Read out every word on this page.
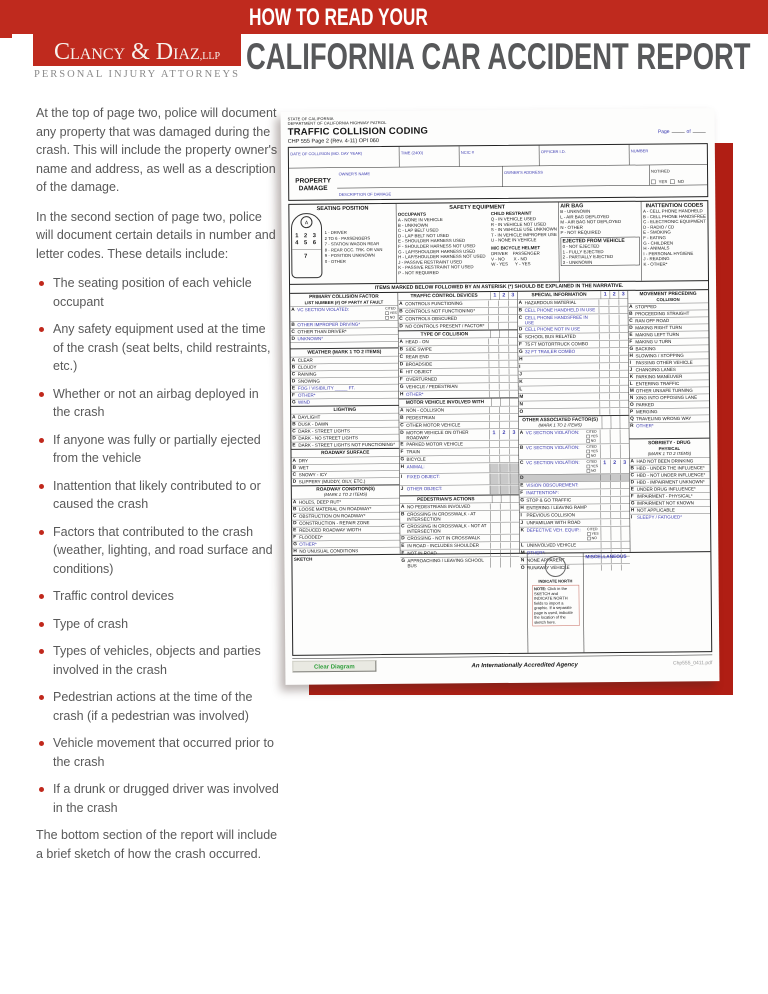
C LANCY & D IAZ ,LLP
PERSONAL INJURY ATTORNEYS
HOW TO READ YOUR
CALIFORNIA CAR ACCIDENT REPORT

At the top of page two, police will document any property that was damaged during the crash. This will include the property owner's name and address, as well as a description of the damage.

In the second section of page two, police will document certain details in number and letter codes. These details include:

The seating position of each vehicle occupant
Any safety equipment used at the time of the crash (seat belts, child restraints, etc.)
Whether or not an airbag deployed in the crash
If anyone was fully or partially ejected from the vehicle
Inattention that likely contributed to or caused the crash
Factors that contributed to the crash (weather, lighting, and road surface and conditions)
Traffic control devices
Type of crash
Types of vehicles, objects and parties involved in the crash
Pedestrian actions at the time of the crash (if a pedestrian was involved)
Vehicle movement that occurred prior to the crash
If a drunk or drugged driver was involved in the crash

The bottom section of the report will include a brief sketch of how the crash occurred.

STATE OF CALIFORNIA
DEPARTMENT OF CALIFORNIA HIGHWAY PATROL
TRAFFIC COLLISION CODING
CHP 555 Page 2 (Rev. 4-11) OPI 060
Page of
DATE OF COLLISION (MO. DAY YEAR)	TIME (2400)	NCIC #	OFFICER I.D.	NUMBER
PROPERTY DAMAGE
OWNER'S NAME	OWNER'S ADDRESS	NOTIFIED
YES NO
DESCRIPTION OF DAMAGE
SEATING POSITION
A
1 2 3
4 5 6
7
1 - DRIVER
2 TO 6 - PASSENGERS
7 - STATION WAGON REAR
8 - REAR OCC. TRK. OR VAN
9 - POSITION UNKNOWN
0 - OTHER
SAFETY EQUIPMENT
OCCUPANTS
A - NONE IN VEHICLE
B - UNKNOWN
C - LAP BELT USED
D - LAP BELT NOT USED
E - SHOULDER HARNESS USED
F - SHOULDER HARNESS NOT USED
G - LAP/SHOULDER HARNESS USED
H - LAP/SHOULDER HARNESS NOT USED
J - PASSIVE RESTRAINT USED
K - PASSIVE RESTRAINT NOT USED
P - NOT REQUIRED
CHILD RESTRAINT
Q - IN VEHICLE USED
R - IN VEHICLE NOT USED
S - IN VEHICLE USE UNKNOWN
T - IN VEHICLE IMPROPER USE
U - NONE IN VEHICLE
M/C BICYCLE HELMET
DRIVER PASSENGER
V - NO X - NO
W - YES Y - YES
AIR BAG
B - UNKNOWN
L - AIR BAG DEPLOYED
M - AIR BAG NOT DEPLOYED
N - OTHER
P - NOT REQUIRED
EJECTED FROM VEHICLE
0 - NOT EJECTED
1 - FULLY EJECTED
2 - PARTIALLY EJECTED
3 - UNKNOWN
INATTENTION CODES
A - CELL PHONE HANDHELD
B - CELL PHONE HANDSFREE
C - ELECTRONIC EQUIPMENT
D - RADIO / CD
E - SMOKING
F - EATING
G - CHILDREN
H - ANIMALS
I - PERSONAL HYGIENE
J - READING
K - OTHER*
ITEMS MARKED BELOW FOLLOWED BY AN ASTERISK (*) SHOULD BE EXPLAINED IN THE NARRATIVE.
PRIMARY COLLISION FACTOR
LIST NUMBER (#) OF PARTY AT FAULT
A VC SECTION VIOLATED:	CITED
YES
NO
B OTHER IMPROPER DRIVING*
C OTHER THAN DRIVER*
D UNKNOWN*
WEATHER (MARK 1 TO 2 ITEMS)
A CLEAR
B CLOUDY
C RAINING
D SNOWING
E FOG / VISIBILITY _____ FT.
F OTHER*
G WIND
LIGHTING
A DAYLIGHT
B DUSK - DAWN
C DARK - STREET LIGHTS
D DARK - NO STREET LIGHTS
E DARK - STREET LIGHTS NOT FUNCTIONING*
ROADWAY SURFACE
A DRY
B WET
C SNOWY - ICY
D SLIPPERY (MUDDY, OILY, ETC.)
ROADWAY CONDITION(S)
(MARK 1 TO 2 ITEMS)
A HOLES, DEEP RUT*
B LOOSE MATERIAL ON ROADWAY*
C OBSTRUCTION ON ROADWAY*
D CONSTRUCTION - REPAIR ZONE
E REDUCED ROADWAY WIDTH
F FLOODED*
G OTHER*
H NO UNUSUAL CONDITIONS
TRAFFIC CONTROL DEVICES	1 2 3
A CONTROLS FUNCTIONING
B CONTROLS NOT FUNCTIONING*
C CONTROLS OBSCURED
D NO CONTROLS PRESENT / FACTOR*
TYPE OF COLLISION
A HEAD - ON
B SIDE SWIPE
C REAR END
D BROADSIDE
E HIT OBJECT
F OVERTURNED
G VEHICLE / PEDESTRIAN
H OTHER*
MOTOR VEHICLE INVOLVED WITH
A NON - COLLISION
B PEDESTRIAN
C OTHER MOTOR VEHICLE
D MOTOR VEHICLE ON OTHER ROADWAY
1 2 3
E PARKED MOTOR VEHICLE
F TRAIN
G BICYCLE
H ANIMAL:
I FIXED OBJECT:
J OTHER OBJECT:
PEDESTRIAN'S ACTIONS
A NO PEDESTRIANS INVOLVED
B CROSSING IN CROSSWALK - AT INTERSECTION
C CROSSING IN CROSSWALK - NOT AT INTERSECTION
D CROSSING - NOT IN CROSSWALK
E IN ROAD - INCLUDES SHOULDER
F NOT IN ROAD
G APPROACHING / LEAVING SCHOOL BUS
SPECIAL INFORMATION	1 2 3
A HAZARDOUS MATERIAL
B CELL PHONE HANDHELD IN USE
C CELL PHONE HANDSFREE IN USE
D CELL PHONE NOT IN USE
E SCHOOL BUS RELATED
F 75 FT MOTORTRUCK COMBO
G 32 FT TRAILER COMBO
H
I
J
K
L
M
N
O
OTHER ASSOCIATED FACTOR(S)
(MARK 1 TO 2 ITEMS)
A VC SECTION VIOLATION: CITED
YES
NO
B VC SECTION VIOLATION: CITED
YES
NO
C VC SECTION VIOLATION: CITED
YES
NO
1 2 3
D
E VISION OBSCUREMENT:
F INATTENTION*:
G STOP & GO TRAFFIC
H ENTERING / LEAVING RAMP
I PREVIOUS COLLISION
J UNFAMILIAR WITH ROAD
K DEFECTIVE VEH. EQUIP.: CITED
YES
NO
L UNINVOLVED VEHICLE
M OTHER*:
N NONE APPARENT
O RUNAWAY VEHICLE
MOVEMENT PRECEDING
COLLISION
A STOPPED
B PROCEEDING STRAIGHT
C RAN OFF ROAD
D MAKING RIGHT TURN
E MAKING LEFT TURN
F MAKING U TURN
G BACKING
H SLOWING / STOPPING
I PASSING OTHER VEHICLE
J CHANGING LANES
K PARKING MANEUVER
L ENTERING TRAFFIC
M OTHER UNSAFE TURNING
N XING INTO OPPOSING LANE
O PARKED
P MERGING
Q TRAVELING WRONG WAY
R OTHER*
SOBRIETY - DRUG
PHYSICAL
(MARK 1 TO 2 ITEMS)
A HAD NOT BEEN DRINKING
B HBD - UNDER THE INFLUENCE*
C HBD - NOT UNDER INFLUENCE*
D HBD - IMPAIRMENT UNKNOWN*
E UNDER DRUG INFLUENCE*
F IMPAIRMENT - PHYSICAL*
G IMPAIRMENT NOT KNOWN
H NOT APPLICABLE
I SLEEPY / FATIGUED*
SKETCH
INDICATE NORTH
NOTE: Click in the SKETCH and INDICATE NORTH fields to import a graphic. If a separate page is used, indicate the location of the sketch here.
MISCELLANEOUS
Clear Diagram	An Internationally Accredited Agency	Chp555_0411.pdf
